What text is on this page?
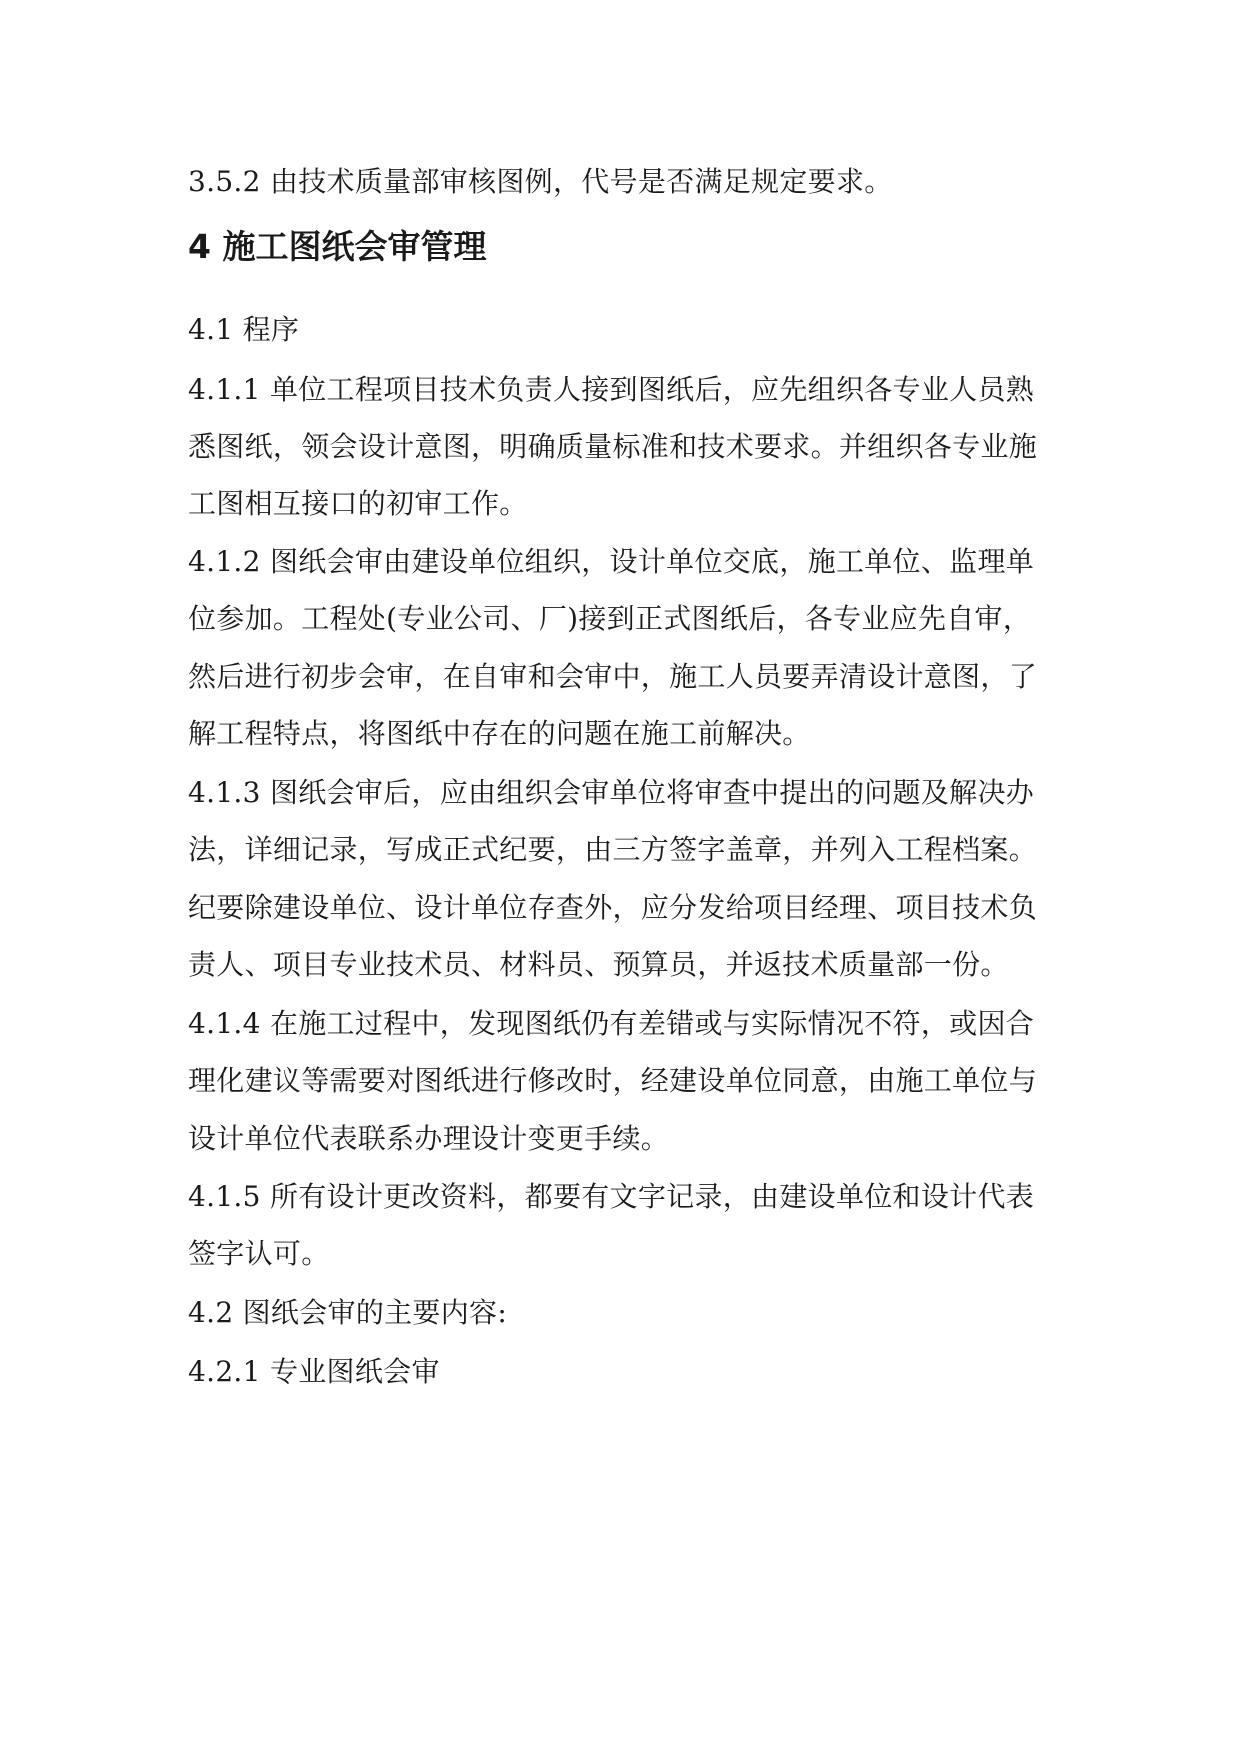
3.5.2 由技术质量部审核图例，代号是否满足规定要求。
4 施工图纸会审管理
4.1 程序
4.1.1 单位工程项目技术负责人接到图纸后，应先组织各专业人员熟
悉图纸，领会设计意图，明确质量标准和技术要求。并组织各专业施
工图相互接口的初审工作。
4.1.2 图纸会审由建设单位组织，设计单位交底，施工单位、监理单
位参加。工程处(专业公司、厂)接到正式图纸后，各专业应先自审，
然后进行初步会审，在自审和会审中，施工人员要弄清设计意图，了
解工程特点，将图纸中存在的问题在施工前解决。
4.1.3 图纸会审后，应由组织会审单位将审查中提出的问题及解决办
法，详细记录，写成正式纪要，由三方签字盖章，并列入工程档案。
纪要除建设单位、设计单位存查外，应分发给项目经理、项目技术负
责人、项目专业技术员、材料员、预算员，并返技术质量部一份。
4.1.4 在施工过程中，发现图纸仍有差错或与实际情况不符，或因合
理化建议等需要对图纸进行修改时，经建设单位同意，由施工单位与
设计单位代表联系办理设计变更手续。
4.1.5 所有设计更改资料，都要有文字记录，由建设单位和设计代表
签字认可。
4.2 图纸会审的主要内容:
4.2.1 专业图纸会审
